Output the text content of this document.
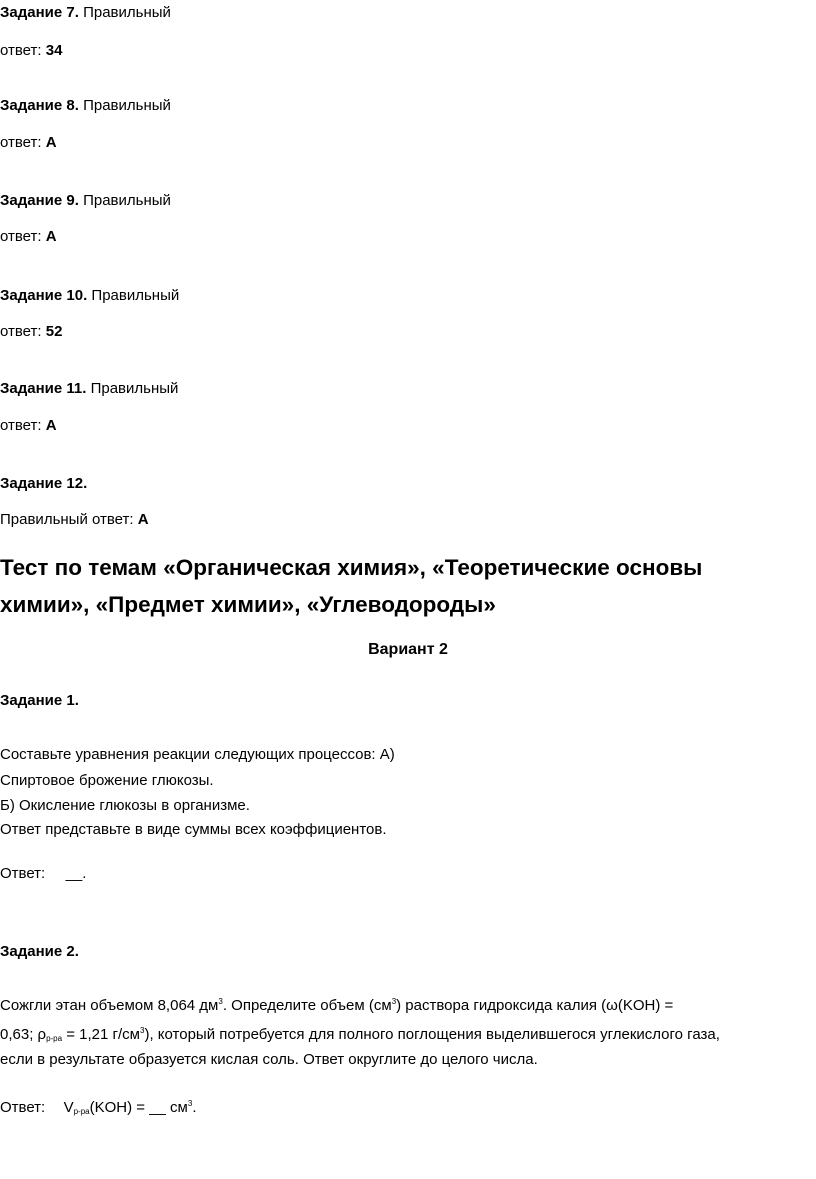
Задание 7. Правильный
ответ: 34
Задание 8. Правильный
ответ: А
Задание 9. Правильный
ответ: А
Задание 10. Правильный
ответ: 52
Задание 11. Правильный
ответ: А
Задание 12.
Правильный ответ: А
Тест по темам «Органическая химия», «Теоретические основы
химии», «Предмет химии», «Углеводороды»
Вариант 2
Задание 1.
Составьте уравнения реакции следующих процессов: А)
Спиртовое брожение глюкозы.
Б) Окисление глюкозы в организме.
Ответ представьте в виде суммы всех коэффициентов.
Ответ: __.
Задание 2.
Сожгли этан объемом 8,064 $дм^3$. Определите объем $(см^3)$ раствора гидроксида калия (ω(KOH) =
0,63; $\rho_{р-ра} = 1,21$ $г/см^3$), который потребуется для полного поглощения выделившегося углекислого газа,
если в результате образуется кислая соль. Ответ округлите до целого числа.
Ответ: $V_{р-ра}(KOH)$ = __ $см^3$.
